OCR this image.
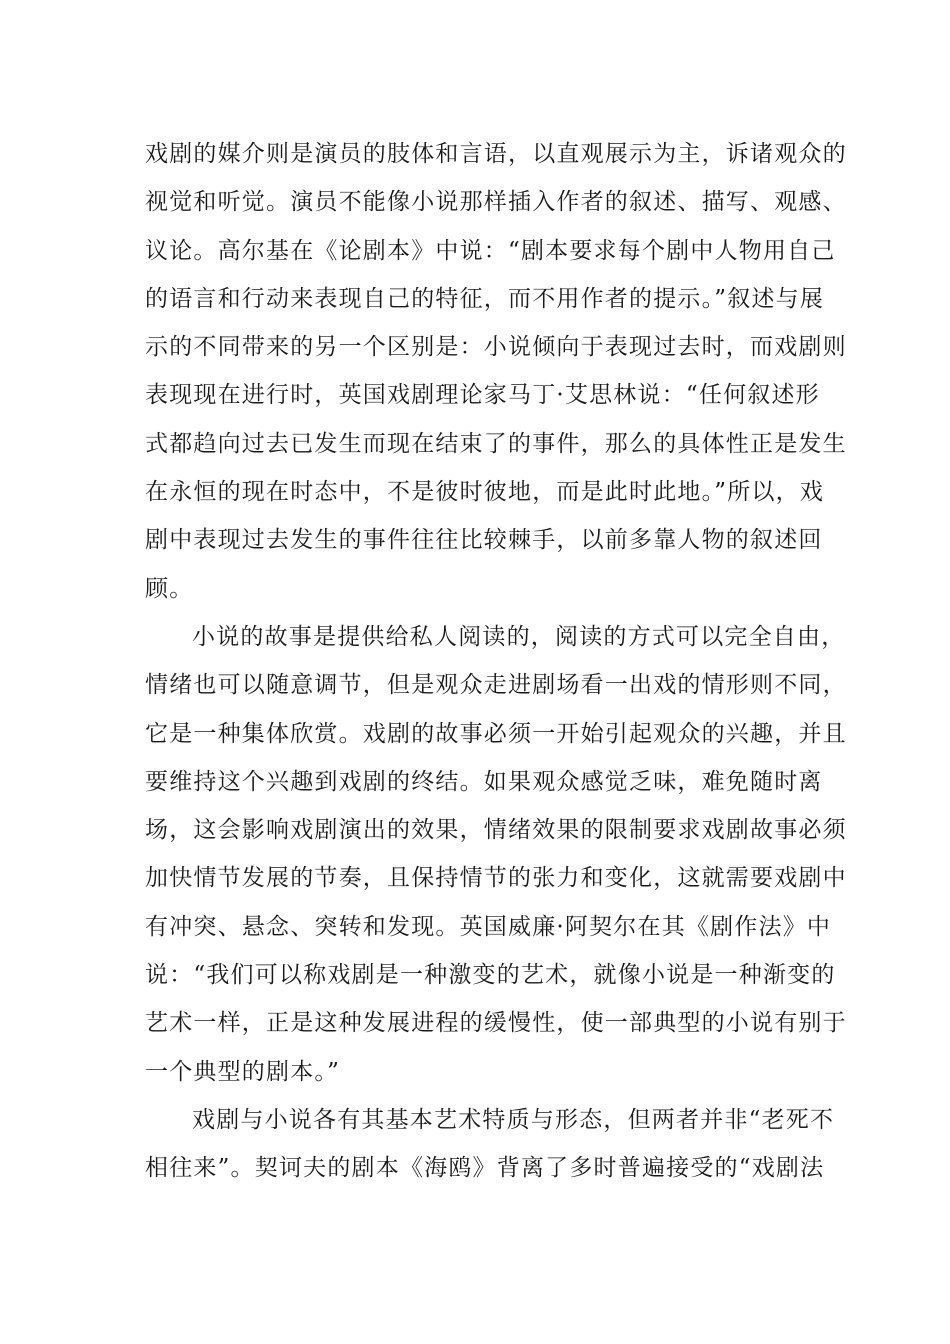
戏剧的媒介则是演员的肢体和言语，以直观展示为主，诉诸观众的
视觉和听觉。演员不能像小说那样插入作者的叙述、描写、观感、
议论。高尔基在《论剧本》中说：“剧本要求每个剧中人物用自己
的语言和行动来表现自己的特征，而不用作者的提示。”叙述与展
示的不同带来的另一个区别是：小说倾向于表现过去时，而戏剧则
表现现在进行时，英国戏剧理论家马丁·艾思林说：“任何叙述形
式都趋向过去已发生而现在结束了的事件，那么的具体性正是发生
在永恒的现在时态中，不是彼时彼地，而是此时此地。”所以，戏
剧中表现过去发生的事件往往比较棘手，以前多靠人物的叙述回
顾。
小说的故事是提供给私人阅读的，阅读的方式可以完全自由，
情绪也可以随意调节，但是观众走进剧场看一出戏的情形则不同，
它是一种集体欣赏。戏剧的故事必须一开始引起观众的兴趣，并且
要维持这个兴趣到戏剧的终结。如果观众感觉乏味，难免随时离
场，这会影响戏剧演出的效果，情绪效果的限制要求戏剧故事必须
加快情节发展的节奏，且保持情节的张力和变化，这就需要戏剧中
有冲突、悬念、突转和发现。英国威廉·阿契尔在其《剧作法》中
说：“我们可以称戏剧是一种激变的艺术，就像小说是一种渐变的
艺术一样，正是这种发展进程的缓慢性，使一部典型的小说有别于
一个典型的剧本。”
戏剧与小说各有其基本艺术特质与形态，但两者并非“老死不
相往来”。契诃夫的剧本《海鸥》背离了多时普遍接受的“戏剧法
